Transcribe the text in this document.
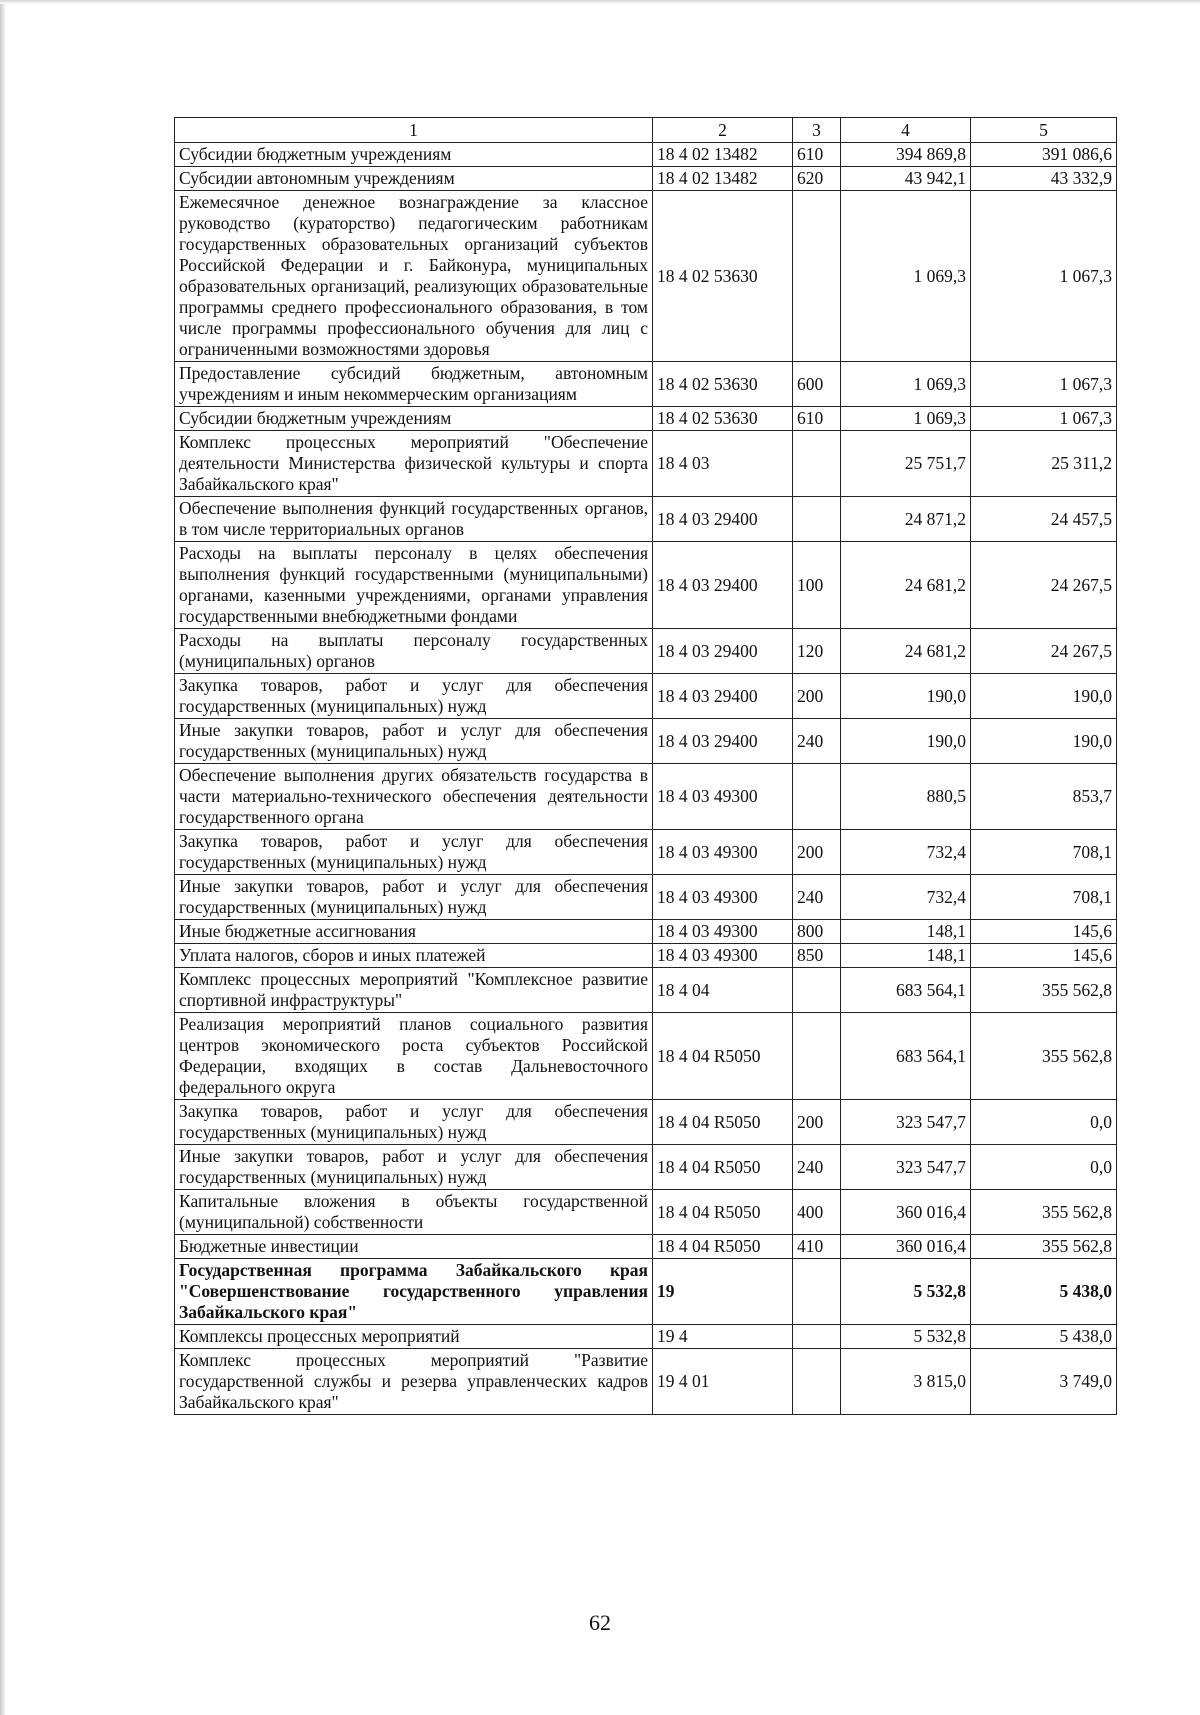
1	2	3	4	5
Субсидии бюджетным учреждениям	18 4 02 13482	610	394 869,8	391 086,6
Субсидии автономным учреждениям	18 4 02 13482	620	43 942,1	43 332,9
Ежемесячное денежное вознаграждение за классное руководство (кураторство) педагогическим работникам государственных образовательных организаций субъектов Российской Федерации и г. Байконура, муниципальных образовательных организаций, реализующих образовательные программы среднего профессионального образования, в том числе программы профессионального обучения для лиц с ограниченными возможностями здоровья	18 4 02 53630		1 069,3	1 067,3
Предоставление субсидий бюджетным, автономным учреждениям и иным некоммерческим организациям	18 4 02 53630	600	1 069,3	1 067,3
Субсидии бюджетным учреждениям	18 4 02 53630	610	1 069,3	1 067,3
Комплекс процессных мероприятий "Обеспечение деятельности Министерства физической культуры и спорта Забайкальского края"	18 4 03		25 751,7	25 311,2
Обеспечение выполнения функций государственных органов, в том числе территориальных органов	18 4 03 29400		24 871,2	24 457,5
Расходы на выплаты персоналу в целях обеспечения выполнения функций государственными (муниципальными) органами, казенными учреждениями, органами управления государственными внебюджетными фондами	18 4 03 29400	100	24 681,2	24 267,5
Расходы на выплаты персоналу государственных (муниципальных) органов	18 4 03 29400	120	24 681,2	24 267,5
Закупка товаров, работ и услуг для обеспечения государственных (муниципальных) нужд	18 4 03 29400	200	190,0	190,0
Иные закупки товаров, работ и услуг для обеспечения государственных (муниципальных) нужд	18 4 03 29400	240	190,0	190,0
Обеспечение выполнения других обязательств государства в части материально-технического обеспечения деятельности государственного органа	18 4 03 49300		880,5	853,7
Закупка товаров, работ и услуг для обеспечения государственных (муниципальных) нужд	18 4 03 49300	200	732,4	708,1
Иные закупки товаров, работ и услуг для обеспечения государственных (муниципальных) нужд	18 4 03 49300	240	732,4	708,1
Иные бюджетные ассигнования	18 4 03 49300	800	148,1	145,6
Уплата налогов, сборов и иных платежей	18 4 03 49300	850	148,1	145,6
Комплекс процессных мероприятий "Комплексное развитие спортивной инфраструктуры"	18 4 04		683 564,1	355 562,8
Реализация мероприятий планов социального развития центров экономического роста субъектов Российской Федерации, входящих в состав Дальневосточного федерального округа	18 4 04 R5050		683 564,1	355 562,8
Закупка товаров, работ и услуг для обеспечения государственных (муниципальных) нужд	18 4 04 R5050	200	323 547,7	0,0
Иные закупки товаров, работ и услуг для обеспечения государственных (муниципальных) нужд	18 4 04 R5050	240	323 547,7	0,0
Капитальные вложения в объекты государственной (муниципальной) собственности	18 4 04 R5050	400	360 016,4	355 562,8
Бюджетные инвестиции	18 4 04 R5050	410	360 016,4	355 562,8
Государственная программа Забайкальского края "Совершенствование государственного управления Забайкальского края"	19		5 532,8	5 438,0
Комплексы процессных мероприятий	19 4		5 532,8	5 438,0
Комплекс процессных мероприятий "Развитие государственной службы и резерва управленческих кадров Забайкальского края"	19 4 01		3 815,0	3 749,0
62
